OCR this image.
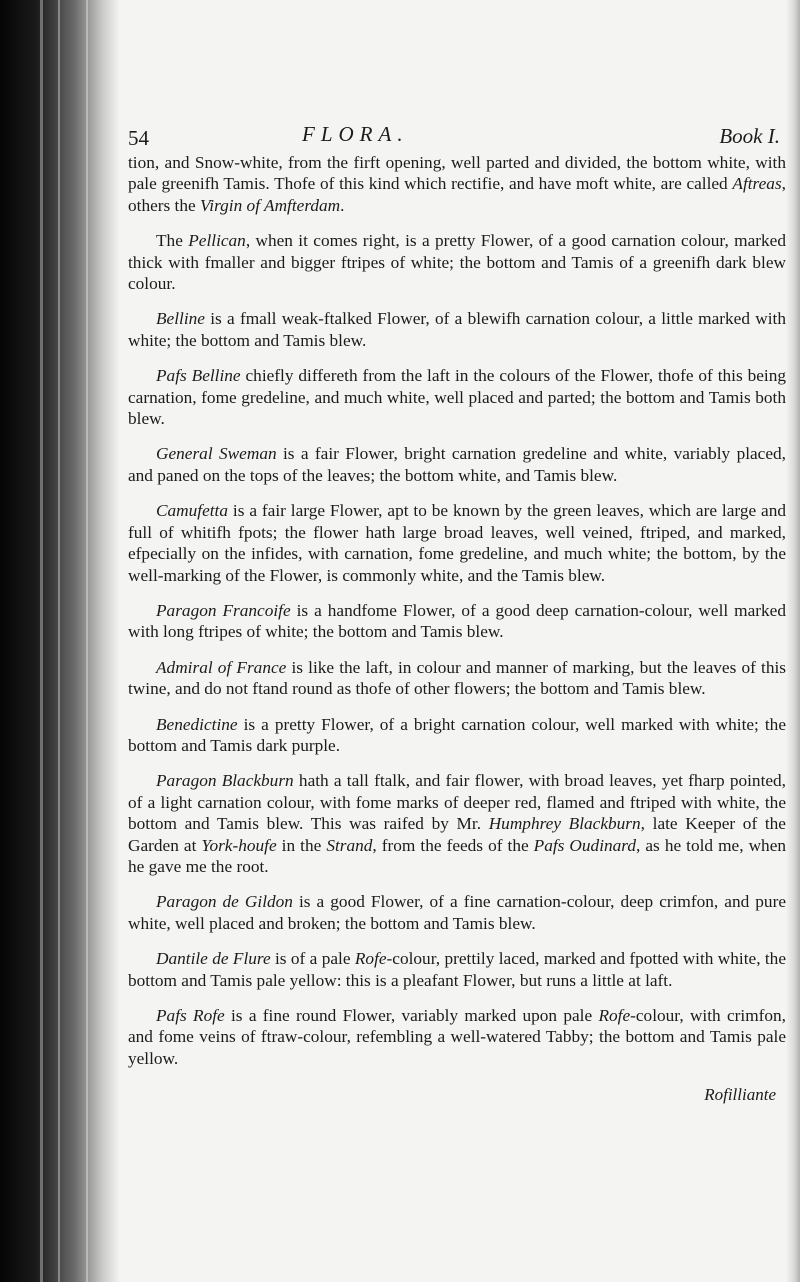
54	FLORA.	Book I.

tion, and Snow-white, from the firft opening, well parted and divided, the bottom white, with pale greenifh Tamis. Thofe of this kind which rectifie, and have moft white, are called Aftreas, others the Virgin of Amfterdam.

The Pellican, when it comes right, is a pretty Flower, of a good carnation colour, marked thick with fmaller and bigger ftripes of white; the bottom and Tamis of a greenifh dark blew colour.

Belline is a fmall weak-ftalked Flower, of a blewifh carnation colour, a little marked with white; the bottom and Tamis blew.

Pafs Belline chiefly differeth from the laft in the colours of the Flower, thofe of this being carnation, fome gredeline, and much white, well placed and parted; the bottom and Tamis both blew.

General Sweman is a fair Flower, bright carnation gredeline and white, variably placed, and paned on the tops of the leaves; the bottom white, and Tamis blew.

Camufetta is a fair large Flower, apt to be known by the green leaves, which are large and full of whitifh fpots; the flower hath large broad leaves, well veined, ftriped, and marked, efpecially on the infides, with carnation, fome gredeline, and much white; the bottom, by the well-marking of the Flower, is commonly white, and the Tamis blew.

Paragon Francoife is a handfome Flower, of a good deep carnation-colour, well marked with long ftripes of white; the bottom and Tamis blew.

Admiral of France is like the laft, in colour and manner of marking, but the leaves of this twine, and do not ftand round as thofe of other flowers; the bottom and Tamis blew.

Benedictine is a pretty Flower, of a bright carnation colour, well marked with white; the bottom and Tamis dark purple.

Paragon Blackburn hath a tall ftalk, and fair flower, with broad leaves, yet fharp pointed, of a light carnation colour, with fome marks of deeper red, flamed and ftriped with white, the bottom and Tamis blew. This was raifed by Mr. Humphrey Blackburn, late Keeper of the Garden at York-houfe in the Strand, from the feeds of the Pafs Oudinard, as he told me, when he gave me the root.

Paragon de Gildon is a good Flower, of a fine carnation-colour, deep crimfon, and pure white, well placed and broken; the bottom and Tamis blew.

Dantile de Flure is of a pale Rofe-colour, prettily laced, marked and fpotted with white, the bottom and Tamis pale yellow: this is a pleafant Flower, but runs a little at laft.

Pafs Rofe is a fine round Flower, variably marked upon pale Rofe-colour, with crimfon, and fome veins of ftraw-colour, refembling a well-watered Tabby; the bottom and Tamis pale yellow.

Rofilliante
